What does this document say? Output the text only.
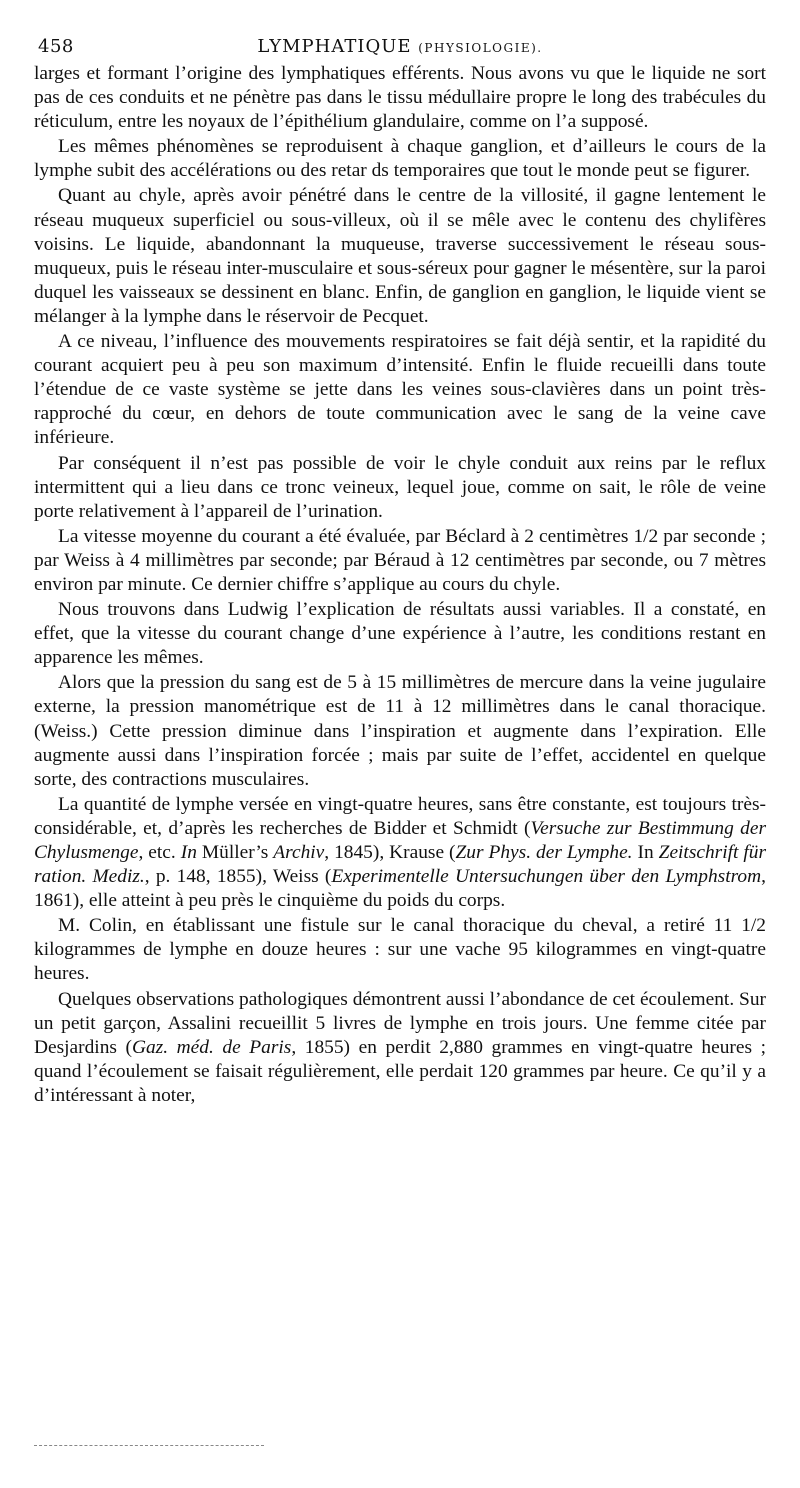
458	LYMPHATIQUE (PHYSIOLOGIE).

larges et formant l’origine des lymphatiques efférents. Nous avons vu que le liquide ne sort pas de ces conduits et ne pénètre pas dans le tissu médullaire propre le long des trabécules du réticulum, entre les noyaux de l’épithélium glandulaire, comme on l’a supposé.

Les mêmes phénomènes se reproduisent à chaque ganglion, et d’ailleurs le cours de la lymphe subit des accélérations ou des retar ds temporaires que tout le monde peut se figurer.

Quant au chyle, après avoir pénétré dans le centre de la villosité, il gagne lentement le réseau muqueux superficiel ou sous-villeux, où il se mêle avec le contenu des chylifères voisins. Le liquide, abandonnant la muqueuse, traverse successivement le réseau sous-muqueux, puis le réseau inter-musculaire et sous-séreux pour gagner le mésentère, sur la paroi duquel les vaisseaux se dessinent en blanc. Enfin, de ganglion en ganglion, le liquide vient se mélanger à la lymphe dans le réservoir de Pecquet.

A ce niveau, l’influence des mouvements respiratoires se fait déjà sentir, et la rapidité du courant acquiert peu à peu son maximum d’intensité. Enfin le fluide recueilli dans toute l’étendue de ce vaste système se jette dans les veines sous-clavières dans un point très-rapproché du cœur, en dehors de toute communication avec le sang de la veine cave inférieure.

Par conséquent il n’est pas possible de voir le chyle conduit aux reins par le reflux intermittent qui a lieu dans ce tronc veineux, lequel joue, comme on sait, le rôle de veine porte relativement à l’appareil de l’urination.

La vitesse moyenne du courant a été évaluée, par Béclard à 2 centimètres 1/2 par seconde ; par Weiss à 4 millimètres par seconde; par Béraud à 12 centimètres par seconde, ou 7 mètres environ par minute. Ce dernier chiffre s’applique au cours du chyle.

Nous trouvons dans Ludwig l’explication de résultats aussi variables. Il a constaté, en effet, que la vitesse du courant change d’une expérience à l’autre, les conditions restant en apparence les mêmes.

Alors que la pression du sang est de 5 à 15 millimètres de mercure dans la veine jugulaire externe, la pression manométrique est de 11 à 12 millimètres dans le canal thoracique. (Weiss.) Cette pression diminue dans l’inspiration et augmente dans l’expiration. Elle augmente aussi dans l’inspiration forcée ; mais par suite de l’effet, accidentel en quelque sorte, des contractions musculaires.

La quantité de lymphe versée en vingt-quatre heures, sans être constante, est toujours très-considérable, et, d’après les recherches de Bidder et Schmidt (Versuche zur Bestimmung der Chylusmenge, etc. In Müller’s Archiv, 1845), Krause (Zur Phys. der Lymphe. In Zeitschrift für ration. Mediz., p. 148, 1855), Weiss (Experimentelle Untersuchungen über den Lymphstrom, 1861), elle atteint à peu près le cinquième du poids du corps.

M. Colin, en établissant une fistule sur le canal thoracique du cheval, a retiré 11 1/2 kilogrammes de lymphe en douze heures : sur une vache 95 kilogrammes en vingt-quatre heures.

Quelques observations pathologiques démontrent aussi l’abondance de cet écoulement. Sur un petit garçon, Assalini recueillit 5 livres de lymphe en trois jours. Une femme citée par Desjardins (Gaz. méd. de Paris, 1855) en perdit 2,880 grammes en vingt-quatre heures ; quand l’écoulement se faisait régulièrement, elle perdait 120 grammes par heure. Ce qu’il y a d’intéressant à noter,
